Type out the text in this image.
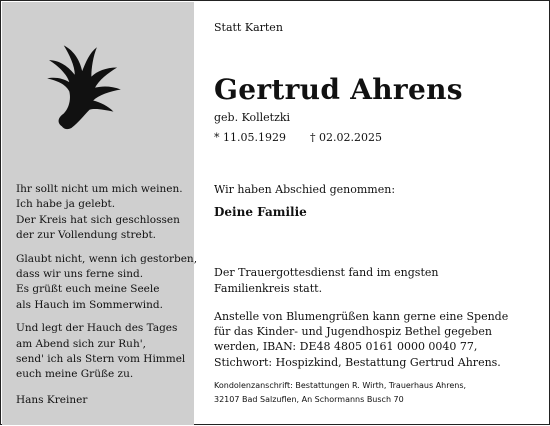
Ihr sollt nicht um mich weinen.
Ich habe ja gelebt.
Der Kreis hat sich geschlossen
der zur Vollendung strebt.
Glaubt nicht, wenn ich gestorben,
dass wir uns ferne sind.
Es grüßt euch meine Seele
als Hauch im Sommerwind.
Und legt der Hauch des Tages
am Abend sich zur Ruh',
send' ich als Stern vom Himmel
euch meine Grüße zu.
Hans Kreiner
Statt Karten
Gertrud Ahrens
geb. Kolletzki
* 11.05.1929 † 02.02.2025
Wir haben Abschied genommen:
Deine Familie
Der Trauergottesdienst fand im engsten
Familienkreis statt.
Anstelle von Blumengrüßen kann gerne eine Spende
für das Kinder- und Jugendhospiz Bethel gegeben
werden, IBAN: DE48 4805 0161 0000 0040 77,
Stichwort: Hospizkind, Bestattung Gertrud Ahrens.
Kondolenzanschrift: Bestattungen R. Wirth, Trauerhaus Ahrens,
32107 Bad Salzuflen, An Schormanns Busch 70
